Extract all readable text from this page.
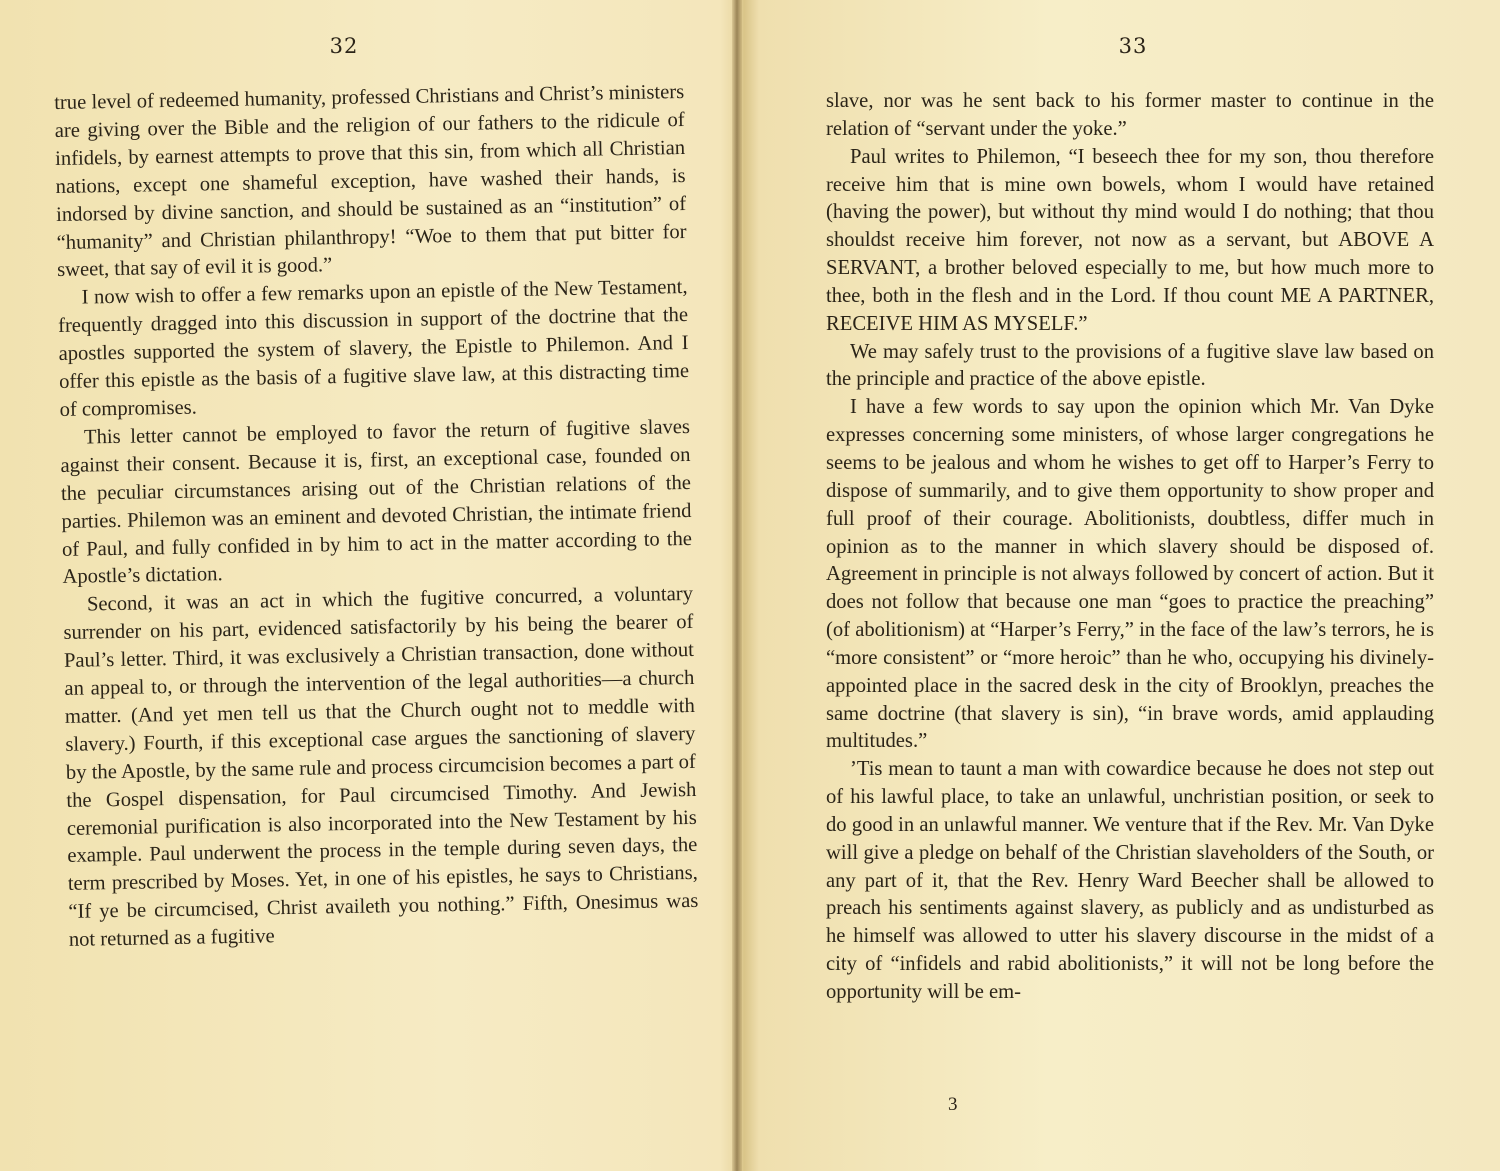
32

true level of redeemed humanity, professed Christians and Christ’s ministers are giving over the Bible and the religion of our fathers to the ridicule of infidels, by earnest attempts to prove that this sin, from which all Christian nations, except one shameful exception, have washed their hands, is indorsed by divine sanction, and should be sustained as an “institution” of “humanity” and Christian philanthropy! “Woe to them that put bitter for sweet, that say of evil it is good.”

I now wish to offer a few remarks upon an epistle of the New Testament, frequently dragged into this discussion in support of the doctrine that the apostles supported the system of slavery, the Epistle to Philemon. And I offer this epistle as the basis of a fugitive slave law, at this distracting time of compromises.

This letter cannot be employed to favor the return of fugitive slaves against their consent. Because it is, first, an exceptional case, founded on the peculiar circumstances arising out of the Christian relations of the parties. Philemon was an eminent and devoted Christian, the intimate friend of Paul, and fully confided in by him to act in the matter according to the Apostle’s dictation.

Second, it was an act in which the fugitive concurred, a voluntary surrender on his part, evidenced satisfactorily by his being the bearer of Paul’s letter. Third, it was exclusively a Christian transaction, done without an appeal to, or through the intervention of the legal authorities—a church matter. (And yet men tell us that the Church ought not to meddle with slavery.) Fourth, if this exceptional case argues the sanctioning of slavery by the Apostle, by the same rule and process circumcision becomes a part of the Gospel dispensation, for Paul circumcised Timothy. And Jewish ceremonial purification is also incorporated into the New Testament by his example. Paul underwent the process in the temple during seven days, the term prescribed by Moses. Yet, in one of his epistles, he says to Christians, “If ye be circumcised, Christ availeth you nothing.” Fifth, Onesimus was not returned as a fugitive

33

slave, nor was he sent back to his former master to continue in the relation of “servant under the yoke.”

Paul writes to Philemon, “I beseech thee for my son, thou therefore receive him that is mine own bowels, whom I would have retained (having the power), but without thy mind would I do nothing; that thou shouldst receive him forever, not now as a servant, but ABOVE A SERVANT, a brother beloved especially to me, but how much more to thee, both in the flesh and in the Lord. If thou count ME A PARTNER, RECEIVE HIM AS MYSELF.”

We may safely trust to the provisions of a fugitive slave law based on the principle and practice of the above epistle.

I have a few words to say upon the opinion which Mr. Van Dyke expresses concerning some ministers, of whose larger congregations he seems to be jealous and whom he wishes to get off to Harper’s Ferry to dispose of summarily, and to give them opportunity to show proper and full proof of their courage. Abolitionists, doubtless, differ much in opinion as to the manner in which slavery should be disposed of. Agreement in principle is not always followed by concert of action. But it does not follow that because one man “goes to practice the preaching” (of abolitionism) at “Harper’s Ferry,” in the face of the law’s terrors, he is “more consistent” or “more heroic” than he who, occupying his divinely-appointed place in the sacred desk in the city of Brooklyn, preaches the same doctrine (that slavery is sin), “in brave words, amid applauding multitudes.”

’Tis mean to taunt a man with cowardice because he does not step out of his lawful place, to take an unlawful, unchristian position, or seek to do good in an unlawful manner. We venture that if the Rev. Mr. Van Dyke will give a pledge on behalf of the Christian slaveholders of the South, or any part of it, that the Rev. Henry Ward Beecher shall be allowed to preach his sentiments against slavery, as publicly and as undisturbed as he himself was allowed to utter his slavery discourse in the midst of a city of “infidels and rabid abolitionists,” it will not be long before the opportunity will be em-

3
